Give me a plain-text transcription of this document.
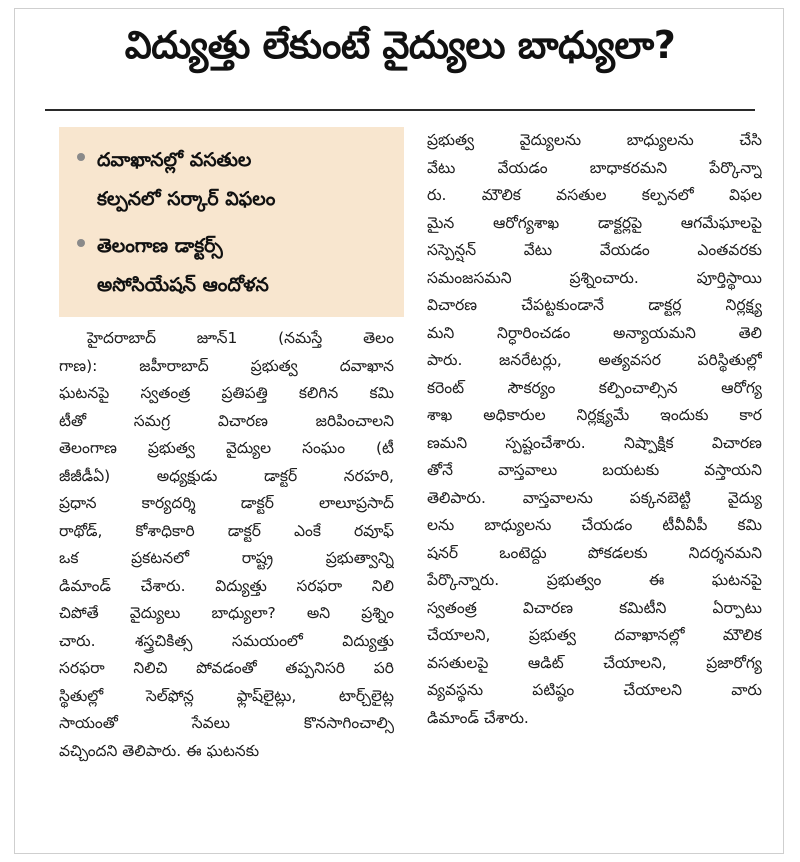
విద్యుత్తు లేకుంటే వైద్యులు బాధ్యులా?
దవాఖానల్లో వసతుల
కల్పనలో సర్కార్ విఫలం
తెలంగాణ డాక్టర్స్
అసోసియేషన్ ఆందోళన
హైదరాబాద్ జూన్1 (నమస్తే తెలం
గాణ): జహీరాబాద్ ప్రభుత్వ దవాఖాన
ఘటనపై స్వతంత్ర ప్రతిపత్తి కలిగిన కమి
టీతో సమగ్ర విచారణ జరిపించాలని
తెలంగాణ ప్రభుత్వ వైద్యుల సంఘం (టీ
జీజీడీఏ) అధ్యక్షుడు డాక్టర్ నరహరి,
ప్రధాన కార్యదర్శి డాక్టర్ లాలూప్రసాద్
రాథోడ్, కోశాధికారి డాక్టర్ ఎంకే రవూఫ్
ఒక ప్రకటనలో రాష్ట్ర ప్రభుత్వాన్ని
డిమాండ్ చేశారు. విద్యుత్తు సరఫరా నిలి
చిపోతే వైద్యులు బాధ్యులా? అని ప్రశ్నిం
చారు. శస్త్రచికిత్స సమయంలో విద్యుత్తు
సరఫరా నిలిచి పోవడంతో తప్పనిసరి పరి
స్థితుల్లో సెల్‌ఫోన్ల ఫ్లాష్‌లైట్లు, టార్చ్‌లైట్ల
సాయంతో సేవలు కొనసాగించాల్సి
వచ్చిందని తెలిపారు. ఈ ఘటనకు
ప్రభుత్వ వైద్యులను బాధ్యులను చేసి
వేటు వేయడం బాధాకరమని పేర్కొన్నా
రు. మౌలిక వసతుల కల్పనలో విఫల
మైన ఆరోగ్యశాఖ డాక్టర్లపై ఆగమేఘాలపై
సస్పెన్షన్ వేటు వేయడం ఎంతవరకు
సమంజసమని ప్రశ్నించారు. పూర్తిస్థాయి
విచారణ చేపట్టకుండానే డాక్టర్ల నిర్లక్ష్య
మని నిర్ధారించడం అన్యాయమని తెలి
పారు. జనరేటర్లు, అత్యవసర పరిస్థితుల్లో
కరెంట్ సౌకర్యం కల్పించాల్సిన ఆరోగ్య
శాఖ అధికారుల నిర్లక్ష్యమే ఇందుకు కార
ణమని స్పష్టంచేశారు. నిష్పాక్షిక విచారణ
తోనే వాస్తవాలు బయటకు వస్తాయని
తెలిపారు. వాస్తవాలను పక్కనబెట్టి వైద్యు
లను బాధ్యులను చేయడం టీవీవీపీ కమి
షనర్ ఒంటెద్దు పోకడలకు నిదర్శనమని
పేర్కొన్నారు. ప్రభుత్వం ఈ ఘటనపై
స్వతంత్ర విచారణ కమిటీని ఏర్పాటు
చేయాలని, ప్రభుత్వ దవాఖానల్లో మౌలిక
వసతులపై ఆడిట్ చేయాలని, ప్రజారోగ్య
వ్యవస్థను పటిష్ఠం చేయాలని వారు
డిమాండ్ చేశారు.
